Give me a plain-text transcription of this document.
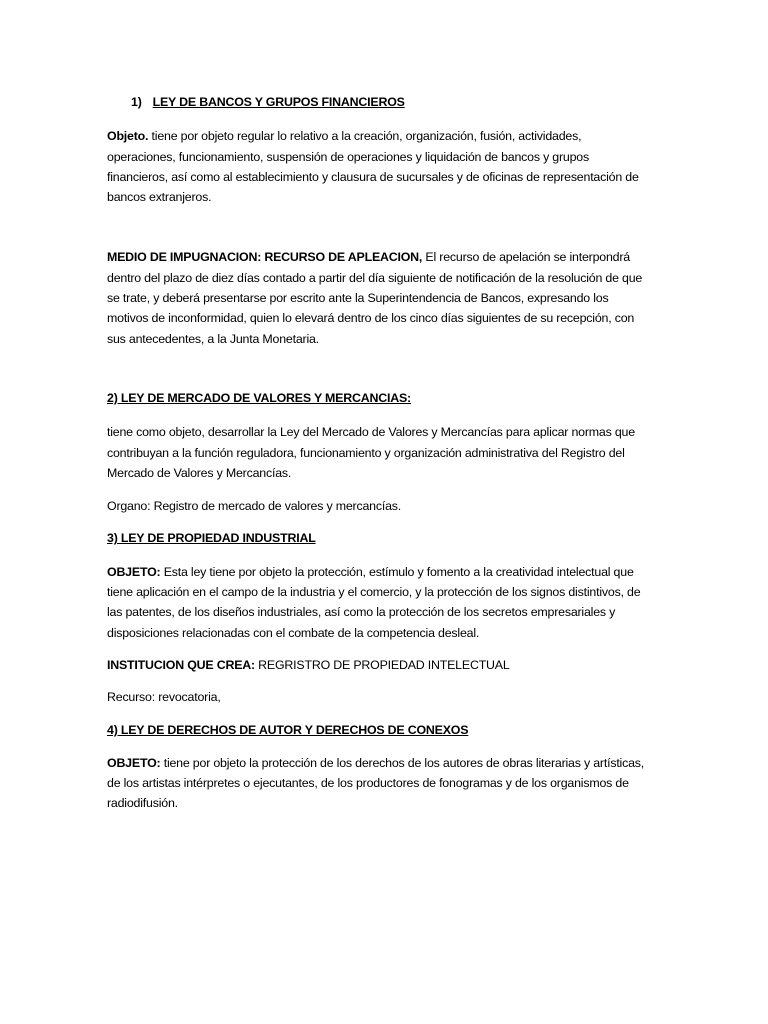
1) LEY DE BANCOS Y GRUPOS FINANCIEROS

Objeto. tiene por objeto regular lo relativo a la creación, organización, fusión, actividades, operaciones, funcionamiento, suspensión de operaciones y liquidación de bancos y grupos financieros, así como al establecimiento y clausura de sucursales y de oficinas de representación de bancos extranjeros.

MEDIO DE IMPUGNACION: RECURSO DE APLEACION, El recurso de apelación se interpondrá dentro del plazo de diez días contado a partir del día siguiente de notificación de la resolución de que se trate, y deberá presentarse por escrito ante la Superintendencia de Bancos, expresando los motivos de inconformidad, quien lo elevará dentro de los cinco días siguientes de su recepción, con sus antecedentes, a la Junta Monetaria.

2) LEY DE MERCADO DE VALORES Y MERCANCIAS:

tiene como objeto, desarrollar la Ley del Mercado de Valores y Mercancías para aplicar normas que contribuyan a la función reguladora, funcionamiento y organización administrativa del Registro del Mercado de Valores y Mercancías.

Organo: Registro de mercado de valores y mercancías.

3) LEY DE PROPIEDAD INDUSTRIAL

OBJETO: Esta ley tiene por objeto la protección, estímulo y fomento a la creatividad intelectual que tiene aplicación en el campo de la industria y el comercio, y la protección de los signos distintivos, de las patentes, de los diseños industriales, así como la protección de los secretos empresariales y disposiciones relacionadas con el combate de la competencia desleal.

INSTITUCION QUE CREA: REGRISTRO DE PROPIEDAD INTELECTUAL

Recurso: revocatoria,

4) LEY DE DERECHOS DE AUTOR Y DERECHOS DE CONEXOS

OBJETO: tiene por objeto la protección de los derechos de los autores de obras literarias y artísticas, de los artistas intérpretes o ejecutantes, de los productores de fonogramas y de los organismos de radiodifusión.
